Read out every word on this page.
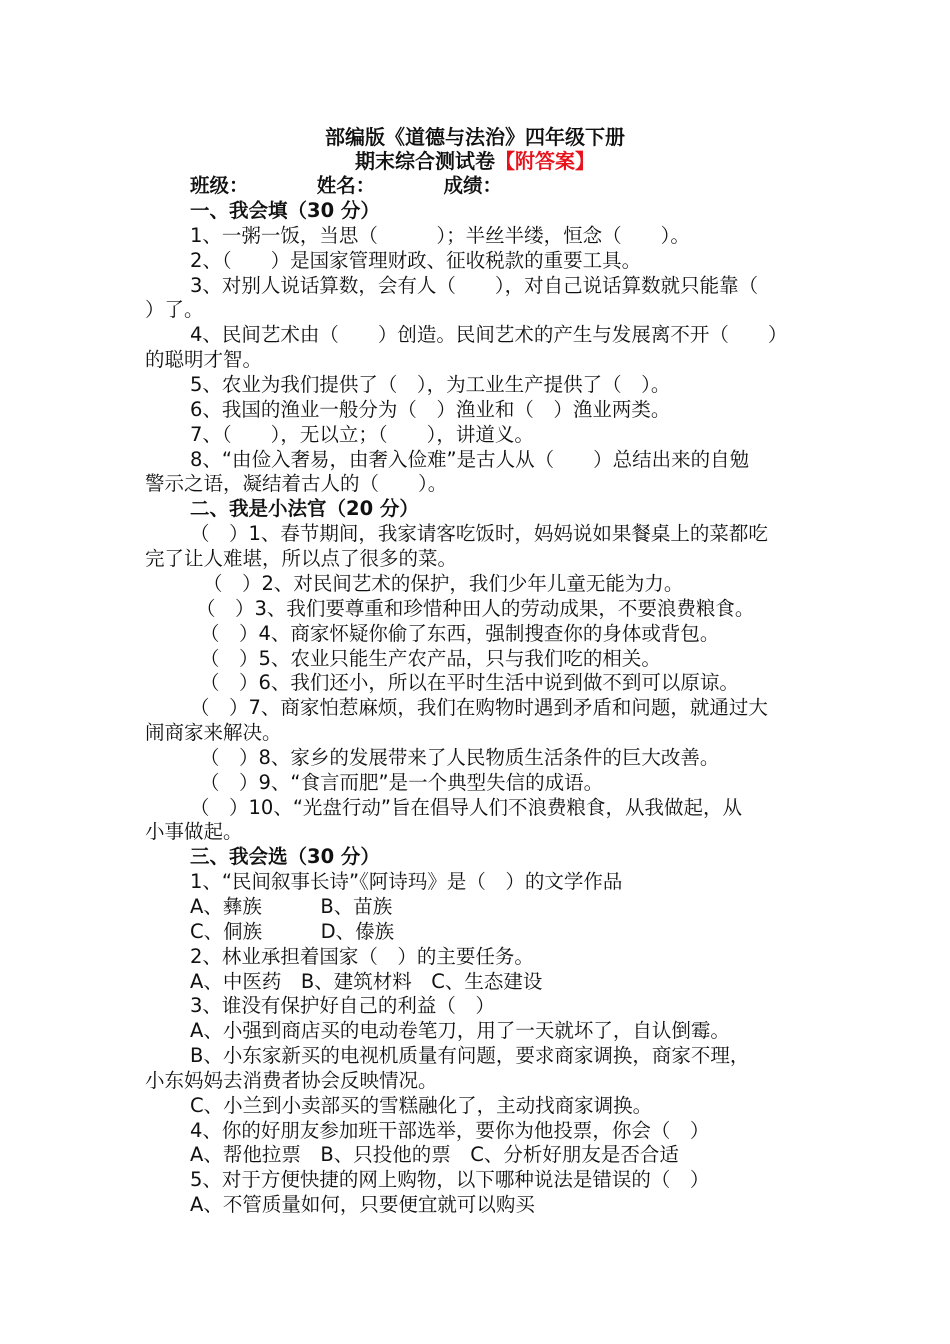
部编版《道德与法治》四年级下册
期末综合测试卷【附答案】
班级：　　　　姓名：　　　　成绩：
一、我会填（30 分）
1、一粥一饭，当思（　　　）；半丝半缕，恒念（　　）。
2、（　　）是国家管理财政、征收税款的重要工具。
3、对别人说话算数，会有人（　　），对自己说话算数就只能靠（
）了。
4、民间艺术由（　　）创造。民间艺术的产生与发展离不开（　　）
的聪明才智。
5、农业为我们提供了（　），为工业生产提供了（　）。
6、我国的渔业一般分为（　）渔业和（　）渔业两类。
7、（　　），无以立；（　　），讲道义。
8、“由俭入奢易，由奢入俭难”是古人从（　　）总结出来的自勉
警示之语，凝结着古人的（　　）。
二、我是小法官（20 分）
（　）1、春节期间，我家请客吃饭时，妈妈说如果餐桌上的菜都吃
完了让人难堪，所以点了很多的菜。
（　）2、对民间艺术的保护，我们少年儿童无能为力。
（　）3、我们要尊重和珍惜种田人的劳动成果，不要浪费粮食。
（　）4、商家怀疑你偷了东西，强制搜查你的身体或背包。
（　）5、农业只能生产农产品，只与我们吃的相关。
（　）6、我们还小，所以在平时生活中说到做不到可以原谅。
（　）7、商家怕惹麻烦，我们在购物时遇到矛盾和问题，就通过大
闹商家来解决。
（　）8、家乡的发展带来了人民物质生活条件的巨大改善。
（　）9、“食言而肥”是一个典型失信的成语。
（　）10、“光盘行动”旨在倡导人们不浪费粮食，从我做起，从
小事做起。
三、我会选（30 分）
1、“民间叙事长诗”《阿诗玛》是（　）的文学作品
A、彝族　　　B、苗族
C、侗族　　　D、傣族
2、林业承担着国家（　）的主要任务。
A、中医药　B、建筑材料　C、生态建设
3、谁没有保护好自己的利益（　）
A、小强到商店买的电动卷笔刀，用了一天就坏了，自认倒霉。
B、小东家新买的电视机质量有问题，要求商家调换，商家不理，
小东妈妈去消费者协会反映情况。
C、小兰到小卖部买的雪糕融化了，主动找商家调换。
4、你的好朋友参加班干部选举，要你为他投票，你会（　）
A、帮他拉票　B、只投他的票　C、分析好朋友是否合适
5、对于方便快捷的网上购物，以下哪种说法是错误的（　）
A、不管质量如何，只要便宜就可以购买
